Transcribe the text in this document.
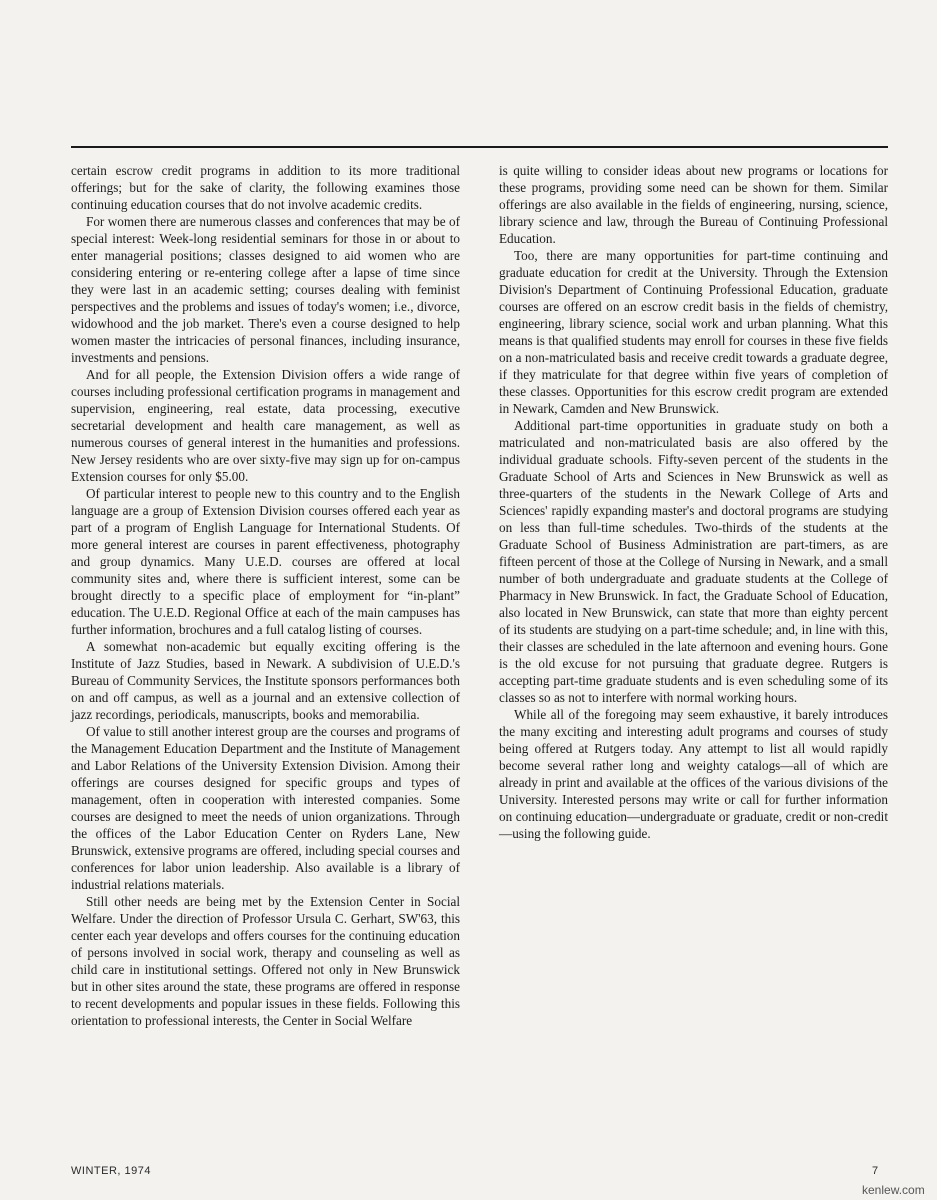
certain escrow credit programs in addition to its more traditional offerings; but for the sake of clarity, the following examines those continuing education courses that do not involve academic credits.

For women there are numerous classes and conferences that may be of special interest: Week-long residential seminars for those in or about to enter managerial positions; classes designed to aid women who are considering entering or re-entering college after a lapse of time since they were last in an academic setting; courses dealing with feminist perspectives and the problems and issues of today's women; i.e., divorce, widowhood and the job market. There's even a course designed to help women master the intricacies of personal finances, including insurance, investments and pensions.

And for all people, the Extension Division offers a wide range of courses including professional certification programs in management and supervision, engineering, real estate, data processing, executive secretarial development and health care management, as well as numerous courses of general interest in the humanities and professions. New Jersey residents who are over sixty-five may sign up for on-campus Extension courses for only $5.00.

Of particular interest to people new to this country and to the English language are a group of Extension Division courses offered each year as part of a program of English Language for International Students. Of more general interest are courses in parent effectiveness, photography and group dynamics. Many U.E.D. courses are offered at local community sites and, where there is sufficient interest, some can be brought directly to a specific place of employment for “in-plant” education. The U.E.D. Regional Office at each of the main campuses has further information, brochures and a full catalog listing of courses.

A somewhat non-academic but equally exciting offering is the Institute of Jazz Studies, based in Newark. A subdivision of U.E.D.'s Bureau of Community Services, the Institute sponsors performances both on and off campus, as well as a journal and an extensive collection of jazz recordings, periodicals, manuscripts, books and memorabilia.

Of value to still another interest group are the courses and programs of the Management Education Department and the Institute of Management and Labor Relations of the University Extension Division. Among their offerings are courses designed for specific groups and types of management, often in cooperation with interested companies. Some courses are designed to meet the needs of union organizations. Through the offices of the Labor Education Center on Ryders Lane, New Brunswick, extensive programs are offered, including special courses and conferences for labor union leadership. Also available is a library of industrial relations materials.

Still other needs are being met by the Extension Center in Social Welfare. Under the direction of Professor Ursula C. Gerhart, SW'63, this center each year develops and offers courses for the continuing education of persons involved in social work, therapy and counseling as well as child care in institutional settings. Offered not only in New Brunswick but in other sites around the state, these programs are offered in response to recent developments and popular issues in these fields. Following this orientation to professional interests, the Center in Social Welfare

is quite willing to consider ideas about new programs or locations for these programs, providing some need can be shown for them. Similar offerings are also available in the fields of engineering, nursing, science, library science and law, through the Bureau of Continuing Professional Education.

Too, there are many opportunities for part-time continuing and graduate education for credit at the University. Through the Extension Division's Department of Continuing Professional Education, graduate courses are offered on an escrow credit basis in the fields of chemistry, engineering, library science, social work and urban planning. What this means is that qualified students may enroll for courses in these five fields on a non-matriculated basis and receive credit towards a graduate degree, if they matriculate for that degree within five years of completion of these classes. Opportunities for this escrow credit program are extended in Newark, Camden and New Brunswick.

Additional part-time opportunities in graduate study on both a matriculated and non-matriculated basis are also offered by the individual graduate schools. Fifty-seven percent of the students in the Graduate School of Arts and Sciences in New Brunswick as well as three-quarters of the students in the Newark College of Arts and Sciences' rapidly expanding master's and doctoral programs are studying on less than full-time schedules. Two-thirds of the students at the Graduate School of Business Administration are part-timers, as are fifteen percent of those at the College of Nursing in Newark, and a small number of both undergraduate and graduate students at the College of Pharmacy in New Brunswick. In fact, the Graduate School of Education, also located in New Brunswick, can state that more than eighty percent of its students are studying on a part-time schedule; and, in line with this, their classes are scheduled in the late afternoon and evening hours. Gone is the old excuse for not pursuing that graduate degree. Rutgers is accepting part-time graduate students and is even scheduling some of its classes so as not to interfere with normal working hours.

While all of the foregoing may seem exhaustive, it barely introduces the many exciting and interesting adult programs and courses of study being offered at Rutgers today. Any attempt to list all would rapidly become several rather long and weighty catalogs—all of which are already in print and available at the offices of the various divisions of the University. Interested persons may write or call for further information on continuing education—undergraduate or graduate, credit or non-credit—using the following guide.

WINTER, 1974	7
kenlew.com
